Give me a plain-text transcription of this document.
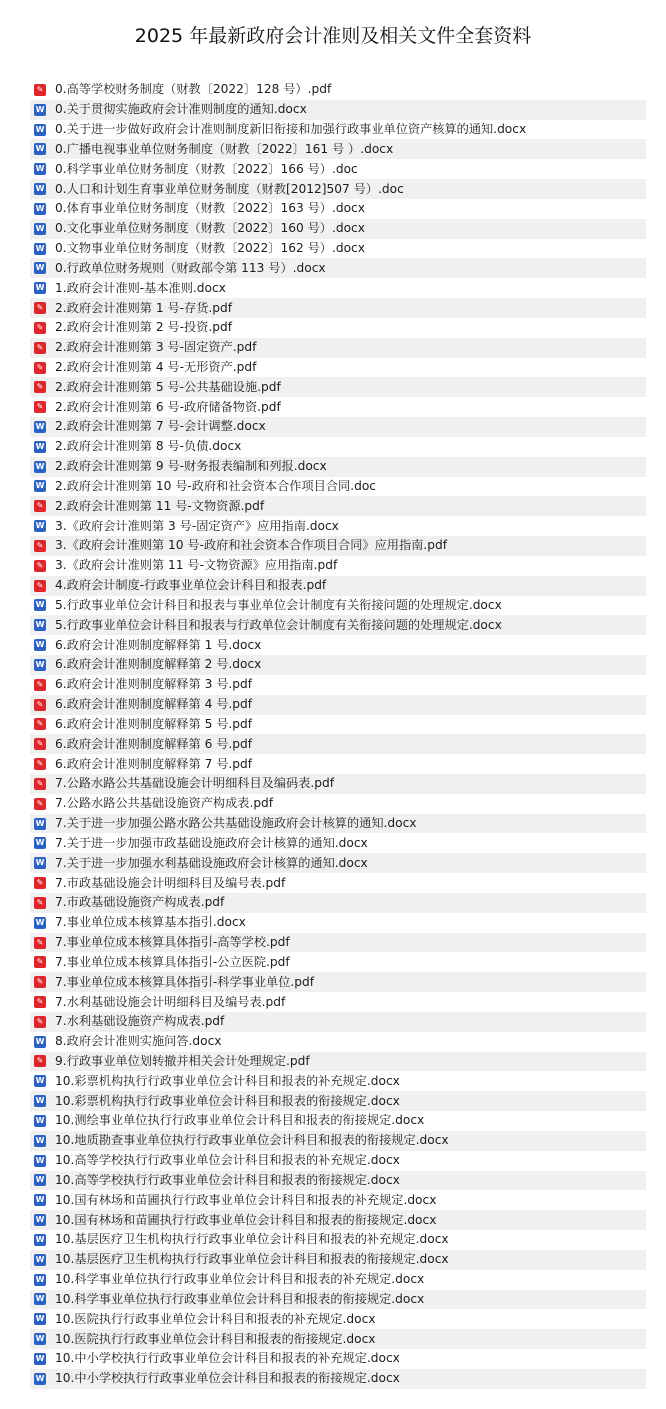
2025 年最新政府会计准则及相关文件全套资料
✎ 0.高等学校财务制度（财教〔2022〕128 号）.pdf
W 0.关于贯彻实施政府会计准则制度的通知.docx
W 0.关于进一步做好政府会计准则制度新旧衔接和加强行政事业单位资产核算的通知.docx
W 0.广播电视事业单位财务制度（财教〔2022〕161 号 ）.docx
W 0.科学事业单位财务制度（财教〔2022〕166 号）.doc
W 0.人口和计划生育事业单位财务制度（财教[2012]507 号）.doc
W 0.体育事业单位财务制度（财教〔2022〕163 号）.docx
W 0.文化事业单位财务制度（财教〔2022〕160 号）.docx
W 0.文物事业单位财务制度（财教〔2022〕162 号）.docx
W 0.行政单位财务规则（财政部令第 113 号）.docx
W 1.政府会计准则-基本准则.docx
✎ 2.政府会计准则第 1 号-存货.pdf
✎ 2.政府会计准则第 2 号-投资.pdf
✎ 2.政府会计准则第 3 号-固定资产.pdf
✎ 2.政府会计准则第 4 号-无形资产.pdf
✎ 2.政府会计准则第 5 号-公共基础设施.pdf
✎ 2.政府会计准则第 6 号-政府储备物资.pdf
W 2.政府会计准则第 7 号-会计调整.docx
W 2.政府会计准则第 8 号-负债.docx
W 2.政府会计准则第 9 号-财务报表编制和列报.docx
W 2.政府会计准则第 10 号-政府和社会资本合作项目合同.doc
✎ 2.政府会计准则第 11 号-文物资源.pdf
W 3.《政府会计准则第 3 号-固定资产》应用指南.docx
✎ 3.《政府会计准则第 10 号-政府和社会资本合作项目合同》应用指南.pdf
✎ 3.《政府会计准则第 11 号-文物资源》应用指南.pdf
✎ 4.政府会计制度-行政事业单位会计科目和报表.pdf
W 5.行政事业单位会计科目和报表与事业单位会计制度有关衔接问题的处理规定.docx
W 5.行政事业单位会计科目和报表与行政单位会计制度有关衔接问题的处理规定.docx
W 6.政府会计准则制度解释第 1 号.docx
W 6.政府会计准则制度解释第 2 号.docx
✎ 6.政府会计准则制度解释第 3 号.pdf
✎ 6.政府会计准则制度解释第 4 号.pdf
✎ 6.政府会计准则制度解释第 5 号.pdf
✎ 6.政府会计准则制度解释第 6 号.pdf
✎ 6.政府会计准则制度解释第 7 号.pdf
✎ 7.公路水路公共基础设施会计明细科目及编码表.pdf
✎ 7.公路水路公共基础设施资产构成表.pdf
W 7.关于进一步加强公路水路公共基础设施政府会计核算的通知.docx
W 7.关于进一步加强市政基础设施政府会计核算的通知.docx
W 7.关于进一步加强水利基础设施政府会计核算的通知.docx
✎ 7.市政基础设施会计明细科目及编号表.pdf
✎ 7.市政基础设施资产构成表.pdf
W 7.事业单位成本核算基本指引.docx
✎ 7.事业单位成本核算具体指引-高等学校.pdf
✎ 7.事业单位成本核算具体指引-公立医院.pdf
✎ 7.事业单位成本核算具体指引-科学事业单位.pdf
✎ 7.水利基础设施会计明细科目及编号表.pdf
✎ 7.水利基础设施资产构成表.pdf
W 8.政府会计准则实施问答.docx
✎ 9.行政事业单位划转撤并相关会计处理规定.pdf
W 10.彩票机构执行行政事业单位会计科目和报表的补充规定.docx
W 10.彩票机构执行行政事业单位会计科目和报表的衔接规定.docx
W 10.测绘事业单位执行行政事业单位会计科目和报表的衔接规定.docx
W 10.地质勘查事业单位执行行政事业单位会计科目和报表的衔接规定.docx
W 10.高等学校执行行政事业单位会计科目和报表的补充规定.docx
W 10.高等学校执行行政事业单位会计科目和报表的衔接规定.docx
W 10.国有林场和苗圃执行行政事业单位会计科目和报表的补充规定.docx
W 10.国有林场和苗圃执行行政事业单位会计科目和报表的衔接规定.docx
W 10.基层医疗卫生机构执行行政事业单位会计科目和报表的补充规定.docx
W 10.基层医疗卫生机构执行行政事业单位会计科目和报表的衔接规定.docx
W 10.科学事业单位执行行政事业单位会计科目和报表的补充规定.docx
W 10.科学事业单位执行行政事业单位会计科目和报表的衔接规定.docx
W 10.医院执行行政事业单位会计科目和报表的补充规定.docx
W 10.医院执行行政事业单位会计科目和报表的衔接规定.docx
W 10.中小学校执行行政事业单位会计科目和报表的补充规定.docx
W 10.中小学校执行行政事业单位会计科目和报表的衔接规定.docx
